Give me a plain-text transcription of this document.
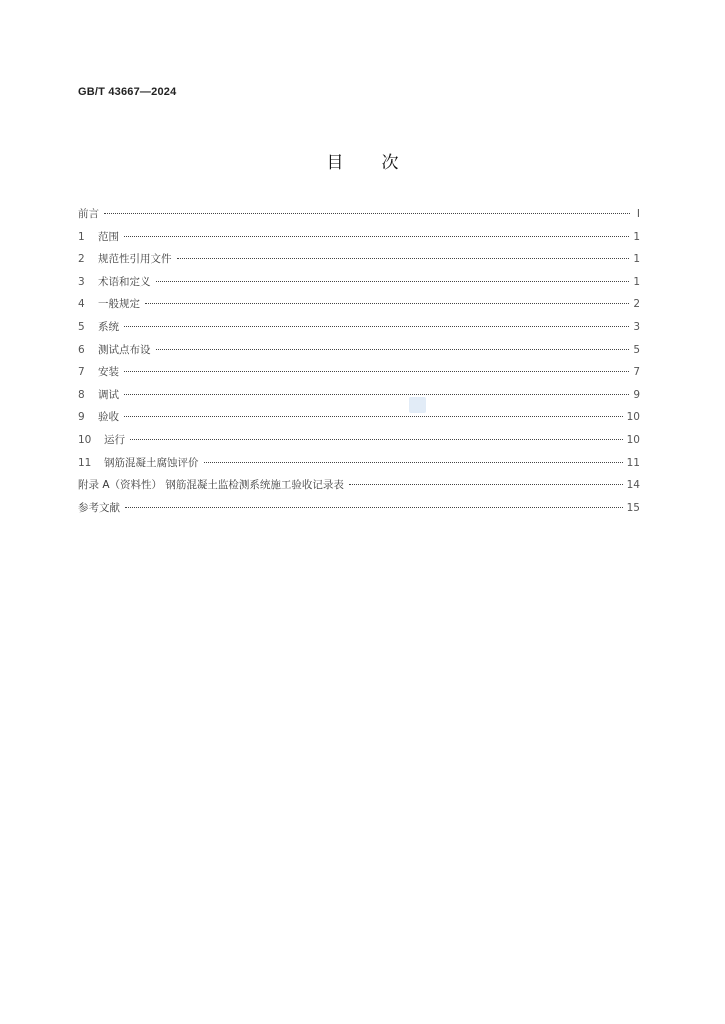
GB/T 43667—2024
目 次
前言	Ⅰ
1	范围	1
2	规范性引用文件	1
3	术语和定义	1
4	一般规定	2
5	系统	3
6	测试点布设	5
7	安装	7
8	调试	9
9	验收	10
10	运行	10
11	钢筋混凝土腐蚀评价	11
附录 A（资料性） 钢筋混凝土监检测系统施工验收记录表	14
参考文献	15
